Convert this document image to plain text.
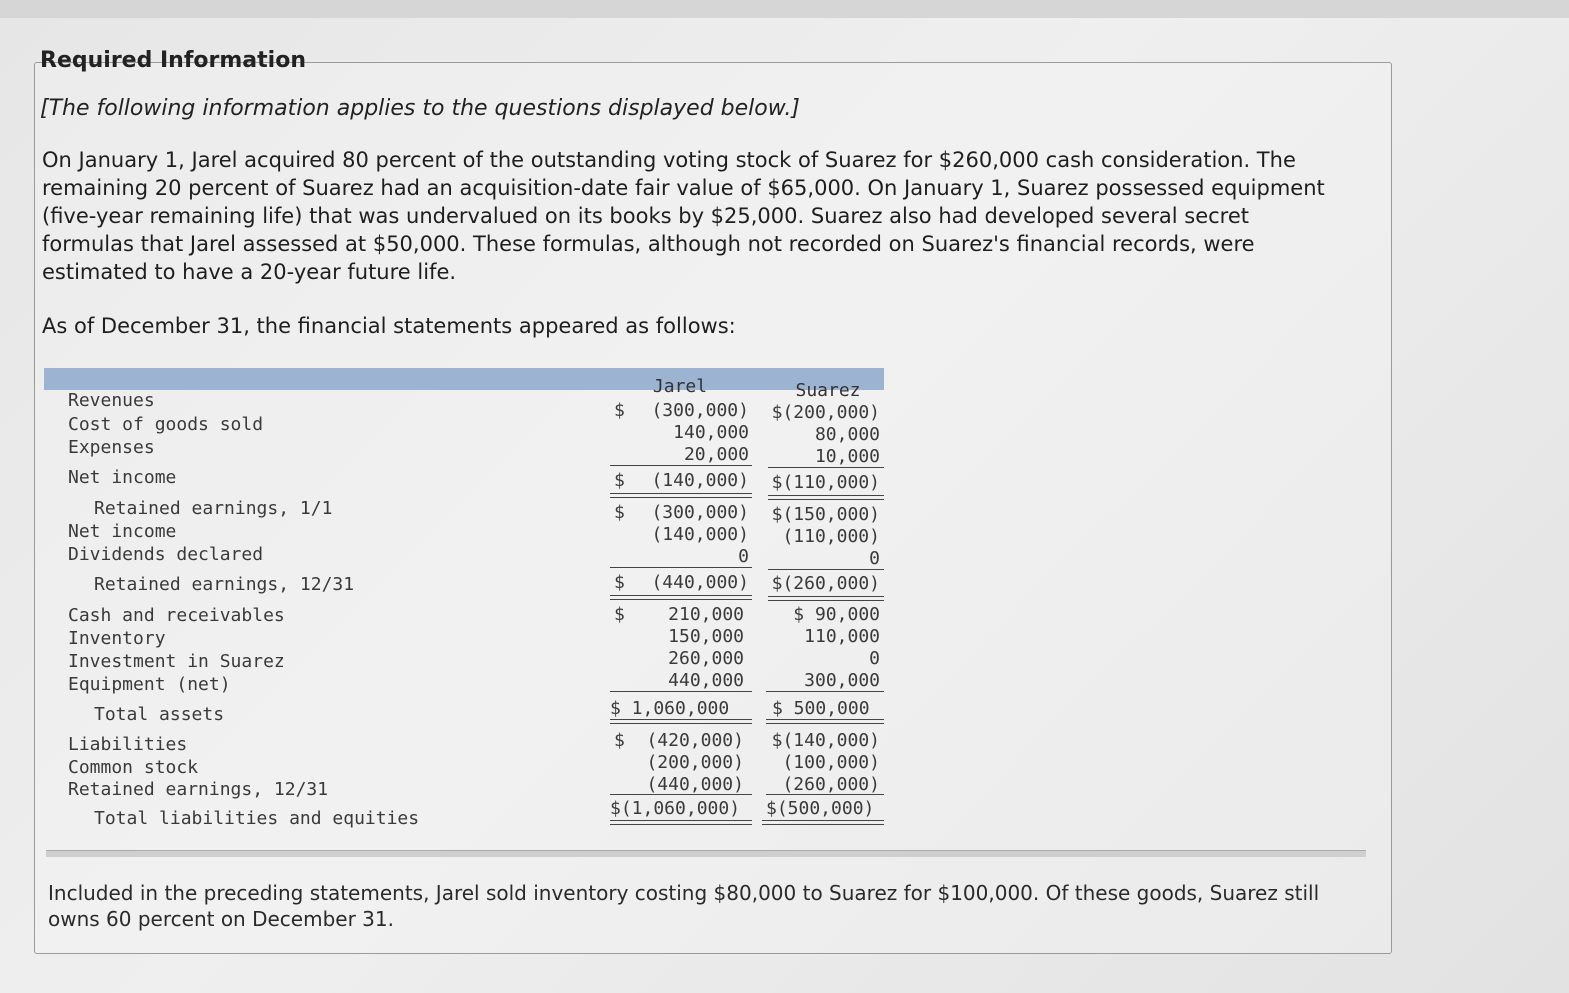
Required Information
[The following information applies to the questions displayed below.]
On January 1, Jarel acquired 80 percent of the outstanding voting stock of Suarez for $260,000 cash consideration. The remaining 20 percent of Suarez had an acquisition-date fair value of $65,000. On January 1, Suarez possessed equipment (five-year remaining life) that was undervalued on its books by $25,000. Suarez also had developed several secret formulas that Jarel assessed at $50,000. These formulas, although not recorded on Suarez's financial records, were estimated to have a 20-year future life.
As of December 31, the financial statements appeared as follows:
Jarel	Suarez
Revenues	$	(300,000) $(200,000)
Cost of goods sold	140,000	80,000
Expenses	20,000	10,000
Net income	$	(140,000) $(110,000)
Retained earnings, 1/1	$	(300,000) $(150,000)
Net income	(140,000)	(110,000)
Dividends declared	0	0
Retained earnings, 12/31	$	(440,000) $(260,000)
Cash and receivables	$	210,000	$ 90,000
Inventory	150,000	110,000
Investment in Suarez	260,000	0
Equipment (net)	440,000	300,000
Total assets	$ 1,060,000	$ 500,000
Liabilities	$	(420,000) $(140,000)
Common stock	(200,000)	(100,000)
Retained earnings, 12/31	(440,000)	(260,000)
Total liabilities and equities	$(1,060,000)	$(500,000)
Included in the preceding statements, Jarel sold inventory costing $80,000 to Suarez for $100,000. Of these goods, Suarez still owns 60 percent on December 31.
